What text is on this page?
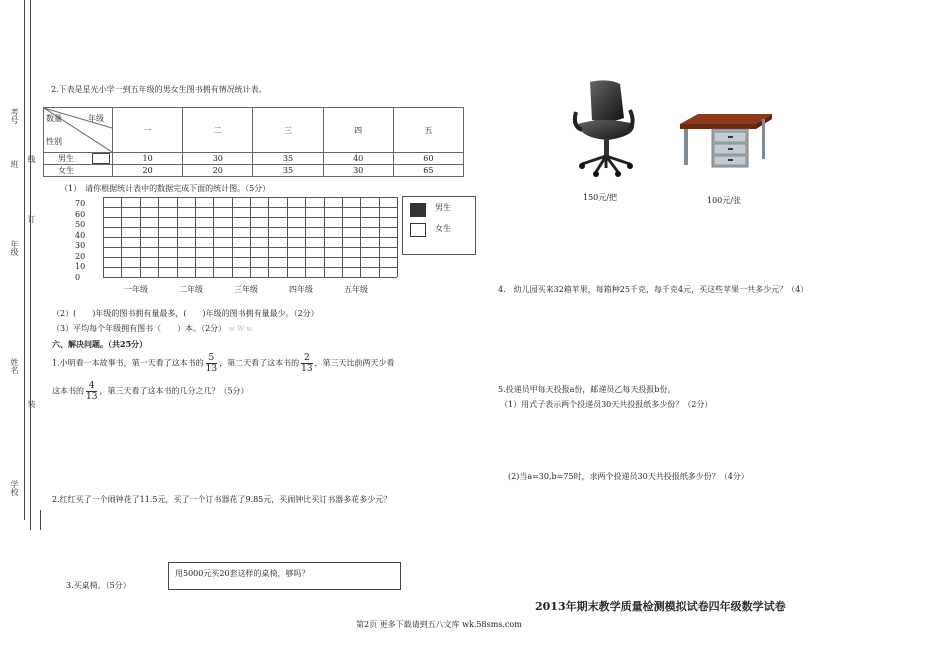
考号
线
班
订
年级
姓名
装
学校
2.下表是星光小学一到五年级的男女生图书拥有情况统计表。
年级
数量
性别	一	二	三	四	五
男生	10	30	35	40	60
女生	20	20	35	30	65
（1）　请你根据统计表中的数据完成下面的统计图。（5分）
70
60
50
40
30
20
10
0
一年级	二年级	三年级	四年级	五年级
男生
女生
（2）(　　)年级的图书拥有量最多，(　　)年级的图书拥有量最少。（2分）
（3）平均每个年级拥有图书（　　）本。（2分） w W w.
六、解决问题。（共25分）
1.小明看一本故事书，第一天看了这本书的 $\frac{5}{13}$ ，第二天看了这本书的 $\frac{2}{13}$ ，第三天比前两天少看
这本书的 $\frac{4}{13}$ ，第三天看了这本书的几分之几？（5分）
2.红红买了一个闹钟花了11.5元，买了一个订书器花了9.85元，买闹钟比买订书器多花多少元？
用5000元买20套这样的桌椅，够吗？
3.买桌椅。（5分）
150元/把	100元/张
4.　幼儿园买来32箱苹果，每箱种25千克，每千克4元，买这些苹果一共多少元？（4）
5.投递员甲每天投报a份，邮递员乙每天投报b份。
（1）用式子表示两个投递员30天共投报纸多少份？（2分）
(2)当a=30,b=75时，求两个投递员30天共投报纸多少份？（4分）
2013年期末教学质量检测模拟试卷四年级数学试卷
第2页 更多下载请到五八文库 wk.58sms.com
